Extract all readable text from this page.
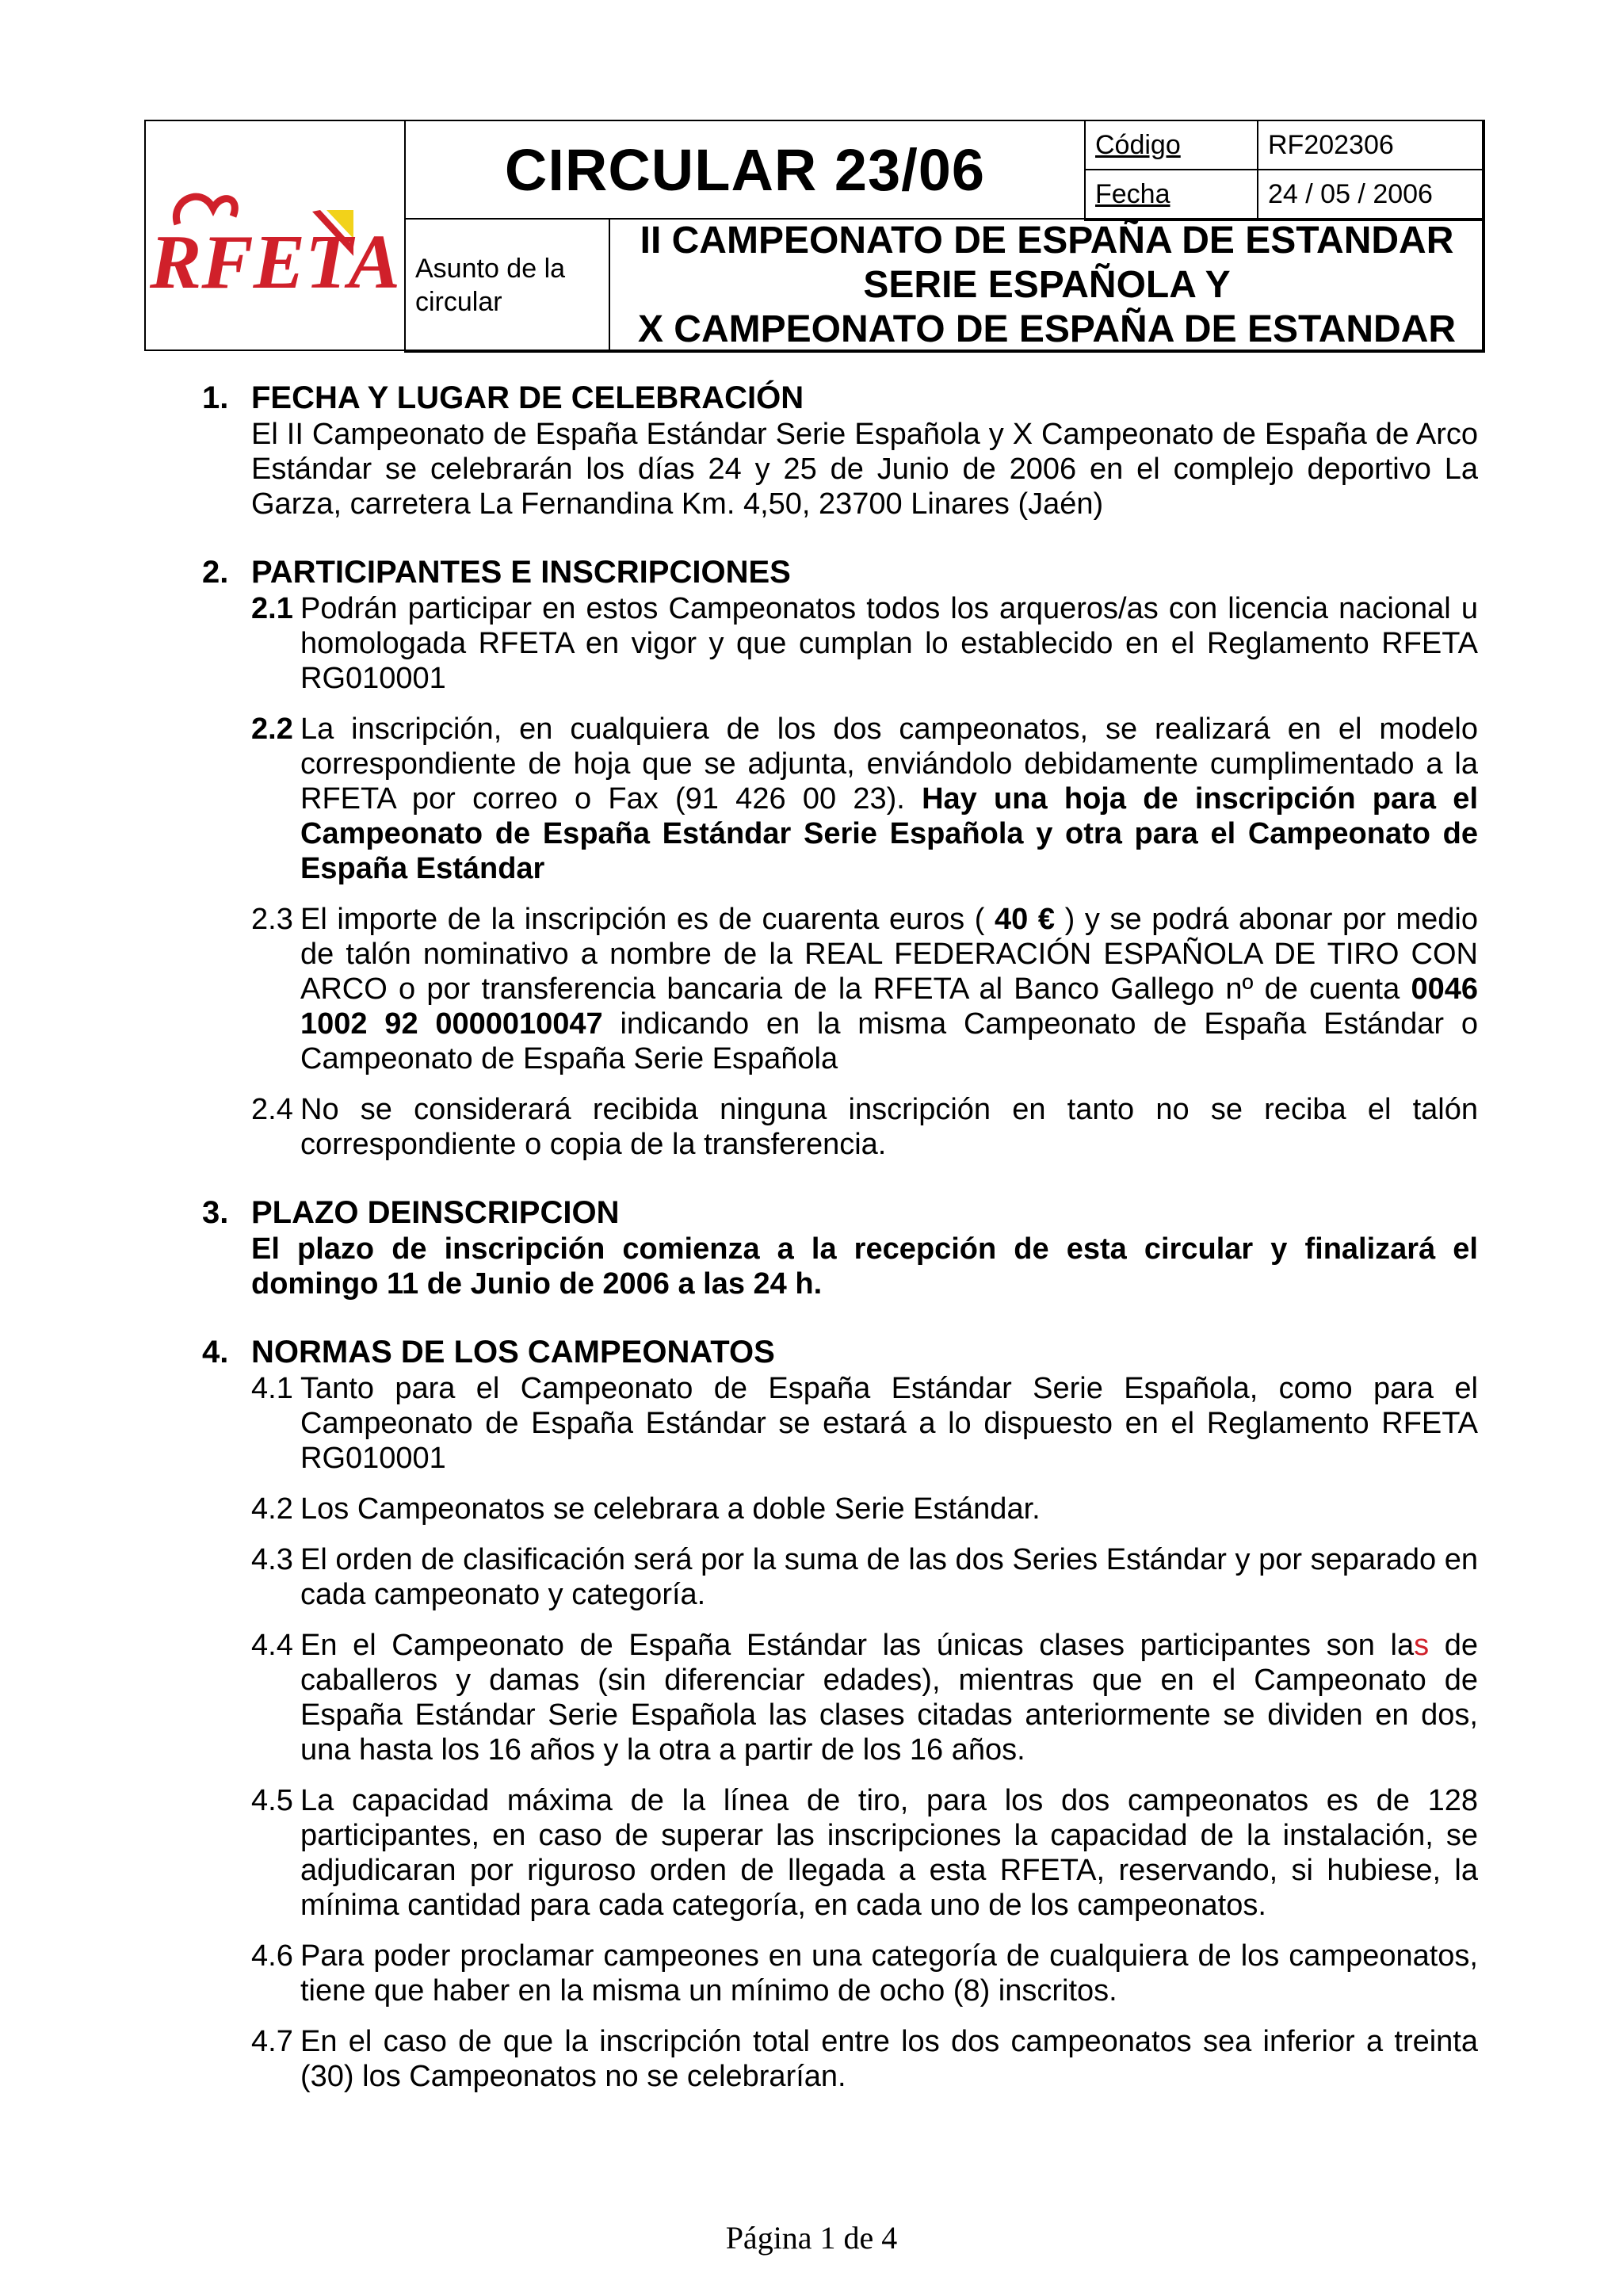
RFETA
CIRCULAR 23/06	Código	RF202306
Fecha	24 / 05 / 2006
Asunto de la
circular
II CAMPEONATO DE ESPAÑA DE ESTANDAR
SERIE ESPAÑOLA Y
X CAMPEONATO DE ESPAÑA DE ESTANDAR
1. FECHA Y LUGAR DE CELEBRACIÓN
El II Campeonato de España Estándar Serie Española y X Campeonato de España de Arco Estándar se celebrarán los días 24 y 25 de Junio de 2006 en el complejo deportivo La Garza, carretera La Fernandina Km. 4,50, 23700 Linares (Jaén)
2. PARTICIPANTES E INSCRIPCIONES
2.1 Podrán participar en estos Campeonatos todos los arqueros/as con licencia nacional u homologada RFETA en vigor y que cumplan lo establecido en el Reglamento RFETA RG010001
2.2 La inscripción, en cualquiera de los dos campeonatos, se realizará en el modelo correspondiente de hoja que se adjunta, enviándolo debidamente cumplimentado a la RFETA por correo o Fax (91 426 00 23). Hay una hoja de inscripción para el Campeonato de España Estándar Serie Española y otra para el Campeonato de España Estándar
2.3 El importe de la inscripción es de cuarenta euros ( 40 € ) y se podrá abonar por medio de talón nominativo a nombre de la REAL FEDERACIÓN ESPAÑOLA DE TIRO CON ARCO o por transferencia bancaria de la RFETA al Banco Gallego nº de cuenta 0046 1002 92 0000010047 indicando en la misma Campeonato de España Estándar o Campeonato de España Serie Española
2.4 No se considerará recibida ninguna inscripción en tanto no se reciba el talón correspondiente o copia de la transferencia.
3. PLAZO DEINSCRIPCION
El plazo de inscripción comienza a la recepción de esta circular y finalizará el domingo 11 de Junio de 2006 a las 24 h.
4. NORMAS DE LOS CAMPEONATOS
4.1 Tanto para el Campeonato de España Estándar Serie Española, como para el Campeonato de España Estándar se estará a lo dispuesto en el Reglamento RFETA RG010001
4.2 Los Campeonatos se celebrara a doble Serie Estándar.
4.3 El orden de clasificación será por la suma de las dos Series Estándar y por separado en cada campeonato y categoría.
4.4 En el Campeonato de España Estándar las únicas clases participantes son las de caballeros y damas (sin diferenciar edades), mientras que en el Campeonato de España Estándar Serie Española las clases citadas anteriormente se dividen en dos, una hasta los 16 años y la otra a partir de los 16 años.
4.5 La capacidad máxima de la línea de tiro, para los dos campeonatos es de 128 participantes, en caso de superar las inscripciones la capacidad de la instalación, se adjudicaran por riguroso orden de llegada a esta RFETA, reservando, si hubiese, la mínima cantidad para cada categoría, en cada uno de los campeonatos.
4.6 Para poder proclamar campeones en una categoría de cualquiera de los campeonatos, tiene que haber en la misma un mínimo de ocho (8) inscritos.
4.7 En el caso de que la inscripción total entre los dos campeonatos sea inferior a treinta (30) los Campeonatos no se celebrarían.
Página 1 de 4
